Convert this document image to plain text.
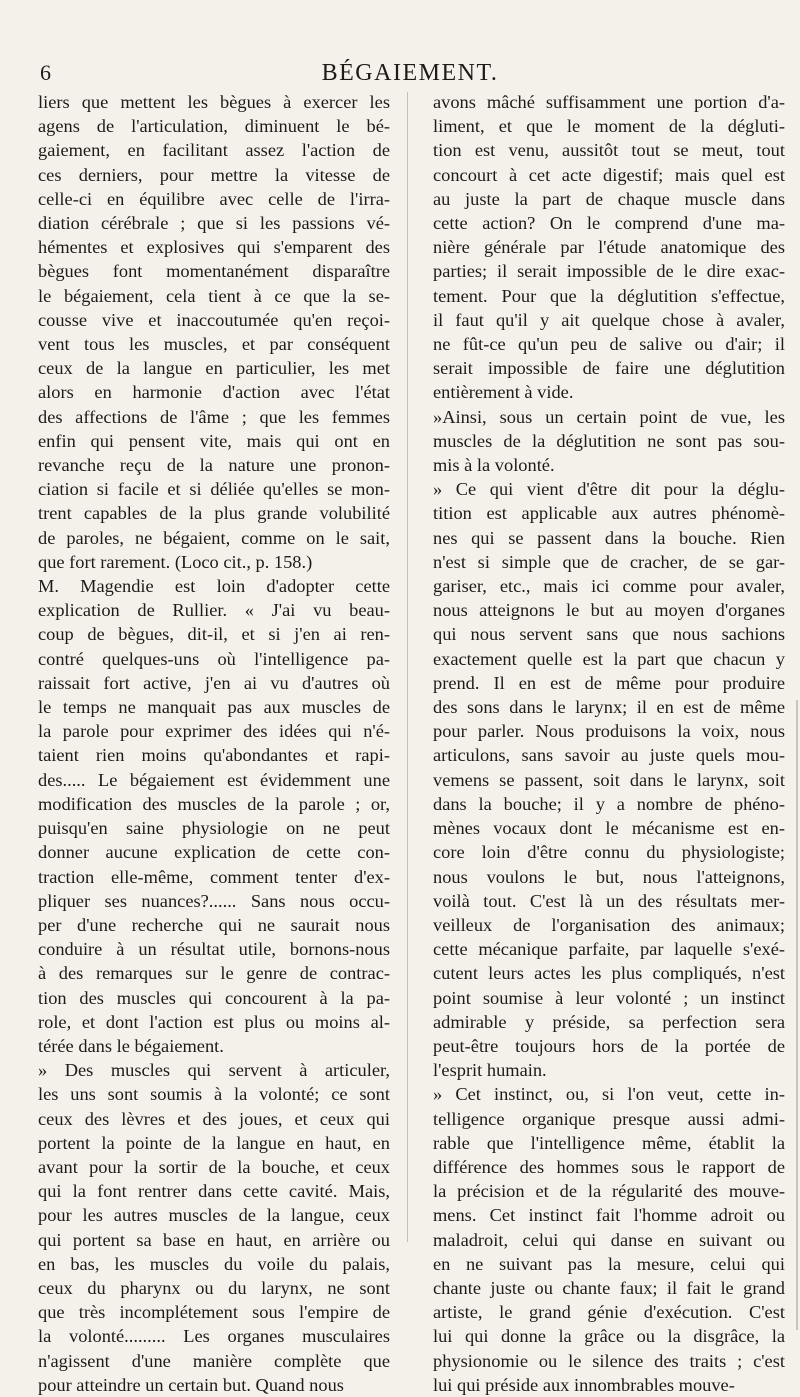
6	BÉGAIEMENT.
liers que mettent les bègues à exercer les
agens de l'articulation, diminuent le bé-
gaiement, en facilitant assez l'action de
ces derniers, pour mettre la vitesse de
celle-ci en équilibre avec celle de l'irra-
diation cérébrale ; que si les passions vé-
hémentes et explosives qui s'emparent des
bègues font momentanément disparaître
le bégaiement, cela tient à ce que la se-
cousse vive et inaccoutumée qu'en reçoi-
vent tous les muscles, et par conséquent
ceux de la langue en particulier, les met
alors en harmonie d'action avec l'état
des affections de l'âme ; que les femmes
enfin qui pensent vite, mais qui ont en
revanche reçu de la nature une pronon-
ciation si facile et si déliée qu'elles se mon-
trent capables de la plus grande volubilité
de paroles, ne bégaient, comme on le sait,
que fort rarement. (Loco cit., p. 158.)
M. Magendie est loin d'adopter cette
explication de Rullier. « J'ai vu beau-
coup de bègues, dit-il, et si j'en ai ren-
contré quelques-uns où l'intelligence pa-
raissait fort active, j'en ai vu d'autres où
le temps ne manquait pas aux muscles de
la parole pour exprimer des idées qui n'é-
taient rien moins qu'abondantes et rapi-
des..... Le bégaiement est évidemment une
modification des muscles de la parole ; or,
puisqu'en saine physiologie on ne peut
donner aucune explication de cette con-
traction elle-même, comment tenter d'ex-
pliquer ses nuances?...... Sans nous occu-
per d'une recherche qui ne saurait nous
conduire à un résultat utile, bornons-nous
à des remarques sur le genre de contrac-
tion des muscles qui concourent à la pa-
role, et dont l'action est plus ou moins al-
térée dans le bégaiement.
» Des muscles qui servent à articuler,
les uns sont soumis à la volonté; ce sont
ceux des lèvres et des joues, et ceux qui
portent la pointe de la langue en haut, en
avant pour la sortir de la bouche, et ceux
qui la font rentrer dans cette cavité. Mais,
pour les autres muscles de la langue, ceux
qui portent sa base en haut, en arrière ou
en bas, les muscles du voile du palais,
ceux du pharynx ou du larynx, ne sont
que très incomplétement sous l'empire de
la volonté......... Les organes musculaires
n'agissent d'une manière complète que
pour atteindre un certain but. Quand nous
avons mâché suffisamment une portion d'a-
liment, et que le moment de la dégluti-
tion est venu, aussitôt tout se meut, tout
concourt à cet acte digestif; mais quel est
au juste la part de chaque muscle dans
cette action? On le comprend d'une ma-
nière générale par l'étude anatomique des
parties; il serait impossible de le dire exac-
tement. Pour que la déglutition s'effectue,
il faut qu'il y ait quelque chose à avaler,
ne fût-ce qu'un peu de salive ou d'air; il
serait impossible de faire une déglutition
entièrement à vide.
»Ainsi, sous un certain point de vue, les
muscles de la déglutition ne sont pas sou-
mis à la volonté.
» Ce qui vient d'être dit pour la déglu-
tition est applicable aux autres phénomè-
nes qui se passent dans la bouche. Rien
n'est si simple que de cracher, de se gar-
gariser, etc., mais ici comme pour avaler,
nous atteignons le but au moyen d'organes
qui nous servent sans que nous sachions
exactement quelle est la part que chacun y
prend. Il en est de même pour produire
des sons dans le larynx; il en est de même
pour parler. Nous produisons la voix, nous
articulons, sans savoir au juste quels mou-
vemens se passent, soit dans le larynx, soit
dans la bouche; il y a nombre de phéno-
mènes vocaux dont le mécanisme est en-
core loin d'être connu du physiologiste;
nous voulons le but, nous l'atteignons,
voilà tout. C'est là un des résultats mer-
veilleux de l'organisation des animaux;
cette mécanique parfaite, par laquelle s'exé-
cutent leurs actes les plus compliqués, n'est
point soumise à leur volonté ; un instinct
admirable y préside, sa perfection sera
peut-être toujours hors de la portée de
l'esprit humain.
» Cet instinct, ou, si l'on veut, cette in-
telligence organique presque aussi admi-
rable que l'intelligence même, établit la
différence des hommes sous le rapport de
la précision et de la régularité des mouve-
mens. Cet instinct fait l'homme adroit ou
maladroit, celui qui danse en suivant ou
en ne suivant pas la mesure, celui qui
chante juste ou chante faux; il fait le grand
artiste, le grand génie d'exécution. C'est
lui qui donne la grâce ou la disgrâce, la
physionomie ou le silence des traits ; c'est
lui qui préside aux innombrables mouve-
